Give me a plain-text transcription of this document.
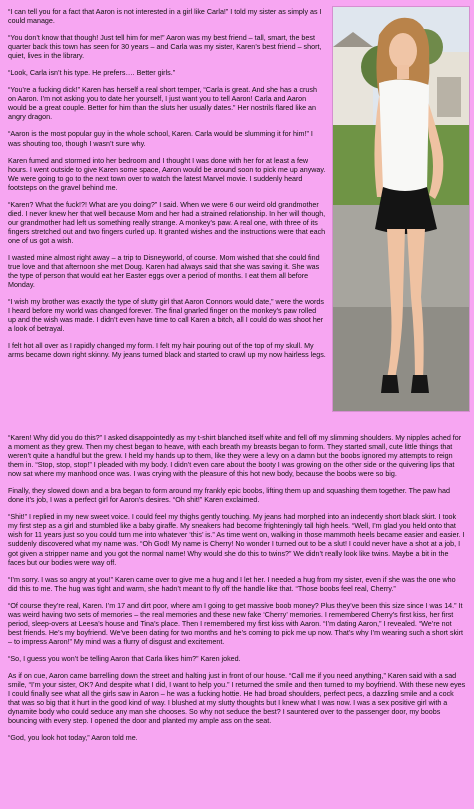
“I can tell you for a fact that Aaron is not interested in a girl like Carla!” I told my sister as simply as I could manage.

“You don’t know that though! Just tell him for me!” Aaron was my best friend – tall, smart, the best quarter back this town has seen for 30 years – and Carla was my sister, Karen’s best friend – short, quiet, lives in the library.

“Look, Carla isn’t his type. He prefers…. Better girls.”

“You’re a fucking dick!” Karen has herself a real short temper, “Carla is great. And she has a crush on Aaron. I’m not asking you to date her yourself, I just want you to tell Aaron! Carla and Aaron would be a great couple. Better for him than the sluts her usually dates.” Her nostrils flared like an angry dragon.

“Aaron is the most popular guy in the whole school, Karen. Carla would be slumming it for him!” I was shouting too, though I wasn’t sure why.

Karen fumed and stormed into her bedroom and I thought I was done with her for at least a few hours. I went outside to give Karen some space, Aaron would be around soon to pick me up anyway. We were going to go to the next town over to watch the latest Marvel movie. I suddenly heard footsteps on the gravel behind me.

“Karen? What the fuck!?! What are you doing?” I said. When we were 6 our weird old grandmother died. I never knew her that well because Mom and her had a strained relationship. In her will though, our grandmother had left us something really strange. A monkey’s paw. A real one, with three of its fingers stretched out and two fingers curled up. It granted wishes and the instructions were that each one of us got a wish.

I wasted mine almost right away – a trip to Disneyworld, of course. Mom wished that she could find true love and that afternoon she met Doug. Karen had always said that she was saving it. She was the type of person that would eat her Easter eggs over a period of months. I eat them all before Monday.

“I wish my brother was exactly the type of slutty girl that Aaron Connors would date,” were the words I heard before my world was changed forever. The final gnarled finger on the monkey’s paw rolled up and the wish was made. I didn’t even have time to call Karen a bitch, all I could do was shoot her a look of betrayal.

I felt hot all over as I rapidly changed my form. I felt my hair pouring out of the top of my skull. My arms became down right skinny. My jeans turned black and started to crawl up my now hairless legs.

“Karen! Why did you do this?” I asked disappointedly as my t-shirt blanched itself white and fell off my slimming shoulders. My nipples ached for a moment as they grew. Then my chest began to heave, with each breath my breasts began to form. They started small, cute little things that weren’t quite a handful but the grew. I held my hands up to them, like they were a levy on a damn but the boobs ignored my attempts to reign them in. “Stop, stop, stop!” I pleaded with my body. I didn’t even care about the booty I was growing on the other side or the quivering lips that now sat where my manhood once was. I was crying with the pleasure of this hot new body, because the boobs were so big.

Finally, they slowed down and a bra began to form around my frankly epic boobs, lifting them up and squashing them together. The paw had done it’s job, I was a perfect girl for Aaron’s desires. “Oh shit!” Karen exclaimed.

“Shit!” I replied in my new sweet voice. I could feel my thighs gently touching. My jeans had morphed into an indecently short black skirt. I took my first step as a girl and stumbled like a baby giraffe. My sneakers had become frighteningly tall high heels. “Well, I’m glad you held onto that wish for 11 years just so you could turn me into whatever ‘this’ is.” As time went on, walking in those mammoth heels became easier and easier. I suddenly discovered what my name was. “Oh God! My name is Cherry! No wonder I turned out to be a slut! I could never have a shot at a job, I got given a stripper name and you got the normal name! Why would she do this to twins?” We didn’t really look like twins. Maybe a bit in the faces but our bodies were way off.

“I’m sorry. I was so angry at you!” Karen came over to give me a hug and I let her. I needed a hug from my sister, even if she was the one who did this to me. The hug was tight and warm, she hadn’t meant to fly off the handle like that. “Those boobs feel real, Cherry.”

“Of course they’re real, Karen. I’m 17 and dirt poor, where am I going to get massive boob money? Plus they’ve been this size since I was 14.” It was weird having two sets of memories – the real memories and these new fake ‘Cherry’ memories. I remembered Cherry’s first kiss, her first period, sleep-overs at Leesa’s house and Tina’s place. Then I remembered my first kiss with Aaron. “I’m dating Aaron,” I revealed. “We’re not best friends. He’s my boyfriend. We’ve been dating for two months and he’s coming to pick me up now. That’s why I’m wearing such a short skirt – to impress Aaron!” My mind was a flurry of disgust and excitement.

“So, I guess you won’t be telling Aaron that Carla likes him?” Karen joked.

As if on cue, Aaron came barrelling down the street and halting just in front of our house. “Call me if you need anything,” Karen said with a sad smile, “I’m your sister, OK? And despite what I did, I want to help you.” I returned the smile and then turned to my boyfriend. With these new eyes I could finally see what all the girls saw in Aaron – he was a fucking hottie. He had broad shoulders, perfect pecs, a dazzling smile and a cock that was so big that it hurt in the good kind of way. I blushed at my slutty thoughts but I knew what I was now. I was a sex positive girl with a dynamite body who could seduce any man she chooses. So why not seduce the best? I sauntered over to the passenger door, my boobs bouncing with every step. I opened the door and planted my ample ass on the seat.

“God, you look hot today,” Aaron told me.
